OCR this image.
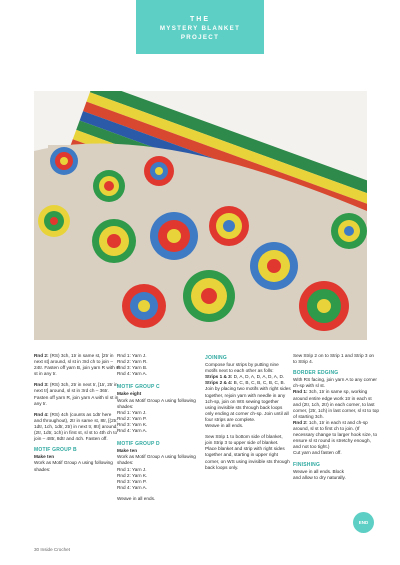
THE
MYSTERY BLANKET
PROJECT

Rnd 2: (RS) 3ch, 1tr in same st, [2tr in next st] around, sl st in 3rd ch to join – 24tr. Fasten off yarn B, join yarn R with sl st in any tr.

Rnd 3: (RS) 3ch, 2tr in next tr, [1tr, 2tr in next tr] around, sl st in 3rd ch – 36tr. Fasten off yarn R, join yarn A with sl st in any tr.

Rnd 4: (RS) 4ch (counts as 1dtr here and throughout), 2tr in same st, 8tr, [(2tr, 1dtr, 1ch, 1dtr, 2tr) in next tr, 8tr] around, (2tr, 1dtr, 1ch) in first st, sl st to 4th ch to join – 48tr, 8dtr and 4ch. Fasten off.

MOTIF GROUP B
Make ten

Work as Motif Group A using following shades:

Rnd 1: Yarn J.
Rnd 2: Yarn R.
Rnd 3: Yarn B.
Rnd 4: Yarn A.
MOTIF GROUP C
Make eight

Work as Motif Group A using following shades:

Rnd 1: Yarn J.
Rnd 2: Yarn P.
Rnd 3: Yarn K.
Rnd 4: Yarn A.
MOTIF GROUP D
Make ten

Work as Motif Group A using following shades:

Rnd 1: Yarn J.
Rnd 2: Yarn K.
Rnd 3: Yarn P.
Rnd 4: Yarn A.

Weave in all ends.

JOINING

Compose four strips by putting nine motifs next to each other as folls:

Strips 1 & 3: D, A, D, A, D, A, D, A, D.

Strips 2 & 4: B, C, B, C, B, C, B, C, B.

Join by placing two motifs with right sides together, rejoin yarn with needle in any 1ch-sp, join on WS sewing together using invisible sts through back loops only ending at corner ch-sp. Join until all four strips are complete.

Weave in all ends.

Sew Strip 1 to bottom side of blanket, join Strip 3 to upper side of blanket.

Place blanket and strip with right sides together and, starting in upper right corner, on WS using invisible sts through back loops only.

Sew Strip 2 on to Strip 1 and Strip 3 on to Strip 4.

BORDER EDGING

With RS facing, join yarn A to any corner ch-sp with sl st.

Rnd 1: 3ch, 1tr in same sp, working around entire edge work 1tr in each st and (2tr, 1ch, 2tr) in each corner, to last corner, (2tr, 1ch) in last corner, sl st to top of starting 3ch.

Rnd 2: 1ch, 1tr in each st and ch-sp around, sl st to first ch to join. (If necessary change to larger hook size, to ensure sl st round is stretchy enough, and not too tight.)

Cut yarn and fasten off.

FINISHING

Weave in all ends. Block and allow to dry naturally.

END
30 Inside Crochet
